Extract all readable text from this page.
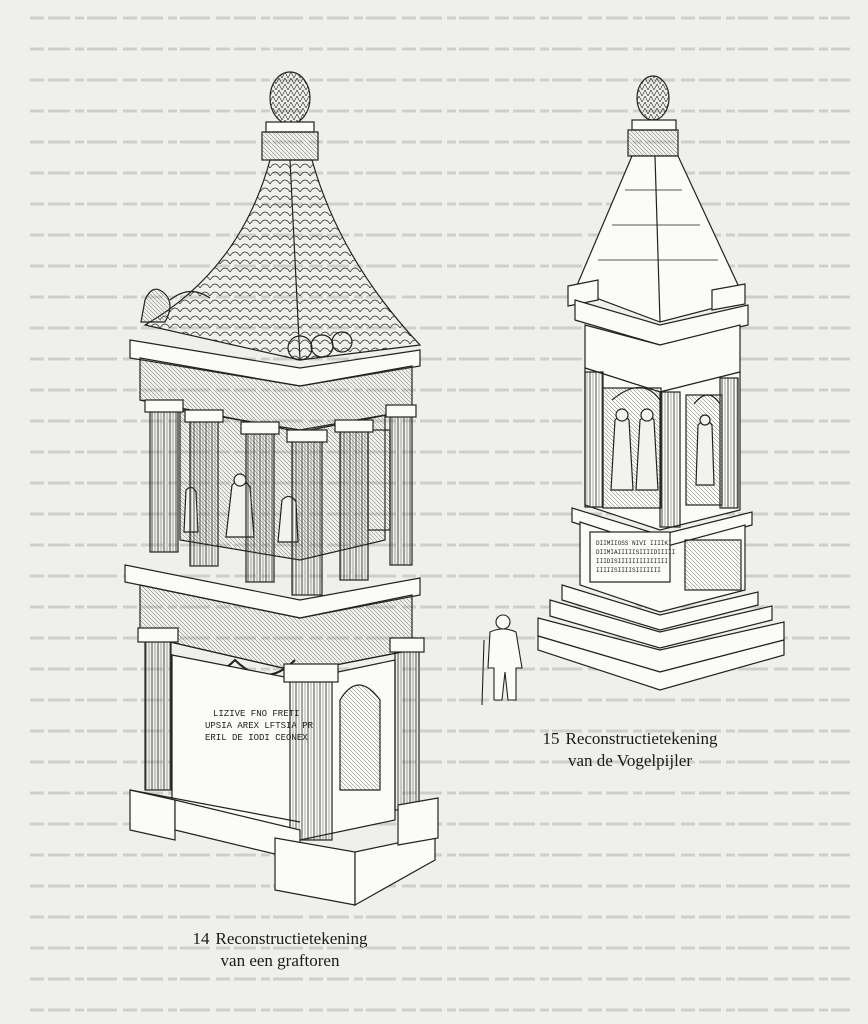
LIZIVE FNO FRETI
UPSIA AREX LFTSIA PR
ERIL DE IODI CEONEX
DIIMIIOSS NIVI IIIIKI
DIIMIAIIIIISIIIIDIIIII
IIIDISIIIIIIIIIIIIII
IIIIISIIIISIIIIIII
15 Reconstructietekening
van de Vogelpijler
14 Reconstructietekening
van een graftoren
